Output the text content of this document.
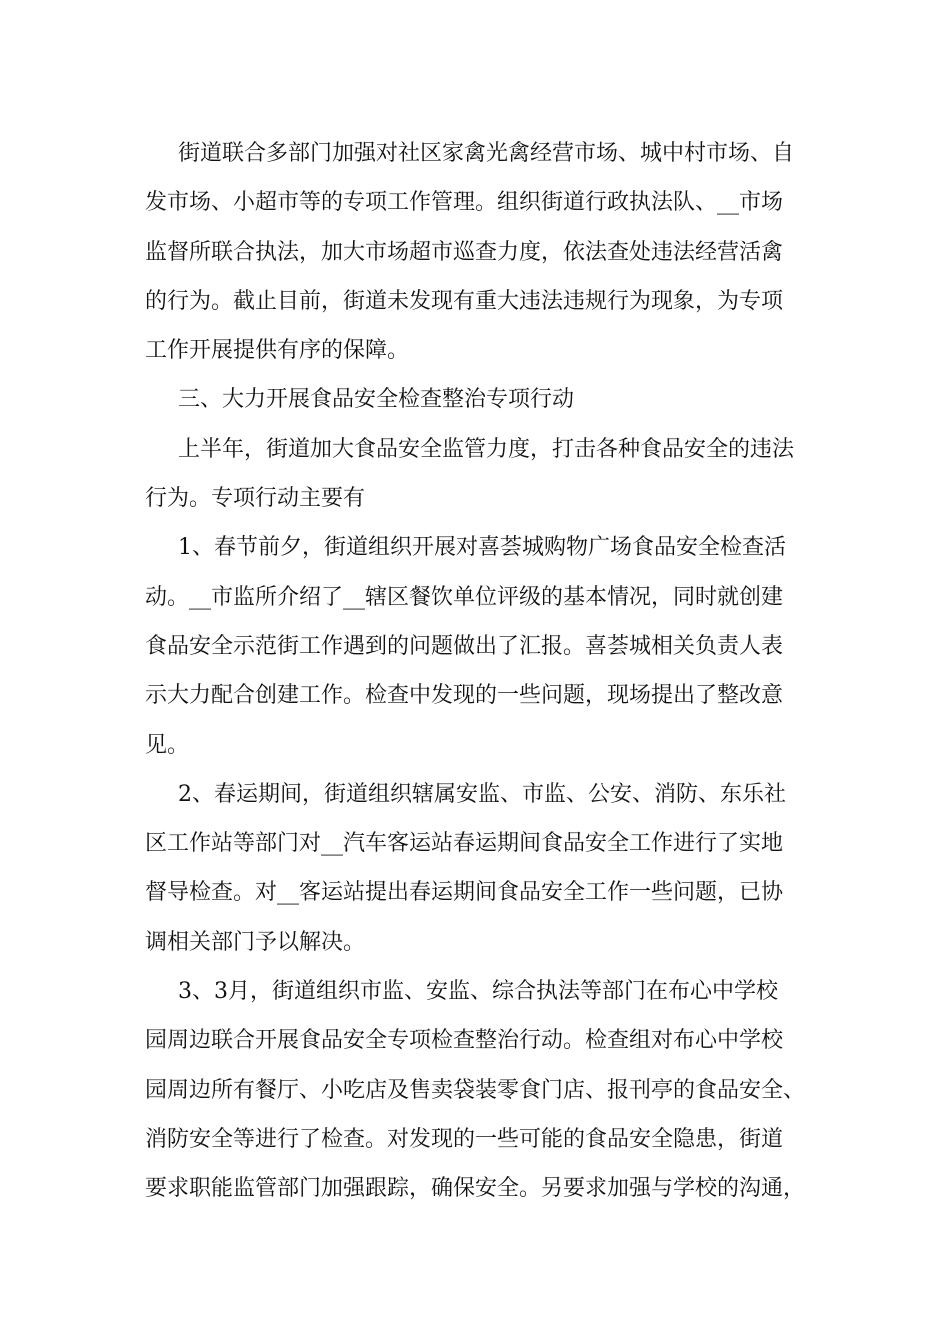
街道联合多部门加强对社区家禽光禽经营市场、城中村市场、自
发市场、小超市等的专项工作管理。组织街道行政执法队、__市场
监督所联合执法，加大市场超市巡查力度，依法查处违法经营活禽
的行为。截止目前，街道未发现有重大违法违规行为现象，为专项
工作开展提供有序的保障。
三、大力开展食品安全检查整治专项行动
上半年，街道加大食品安全监管力度，打击各种食品安全的违法
行为。专项行动主要有
1、春节前夕，街道组织开展对喜荟城购物广场食品安全检查活
动。__市监所介绍了__辖区餐饮单位评级的基本情况，同时就创建
食品安全示范街工作遇到的问题做出了汇报。喜荟城相关负责人表
示大力配合创建工作。检查中发现的一些问题，现场提出了整改意
见。
2、春运期间，街道组织辖属安监、市监、公安、消防、东乐社
区工作站等部门对__汽车客运站春运期间食品安全工作进行了实地
督导检查。对__客运站提出春运期间食品安全工作一些问题，已协
调相关部门予以解决。
3、3月，街道组织市监、安监、综合执法等部门在布心中学校
园周边联合开展食品安全专项检查整治行动。检查组对布心中学校
园周边所有餐厅、小吃店及售卖袋装零食门店、报刊亭的食品安全、
消防安全等进行了检查。对发现的一些可能的食品安全隐患，街道
要求职能监管部门加强跟踪，确保安全。另要求加强与学校的沟通，
